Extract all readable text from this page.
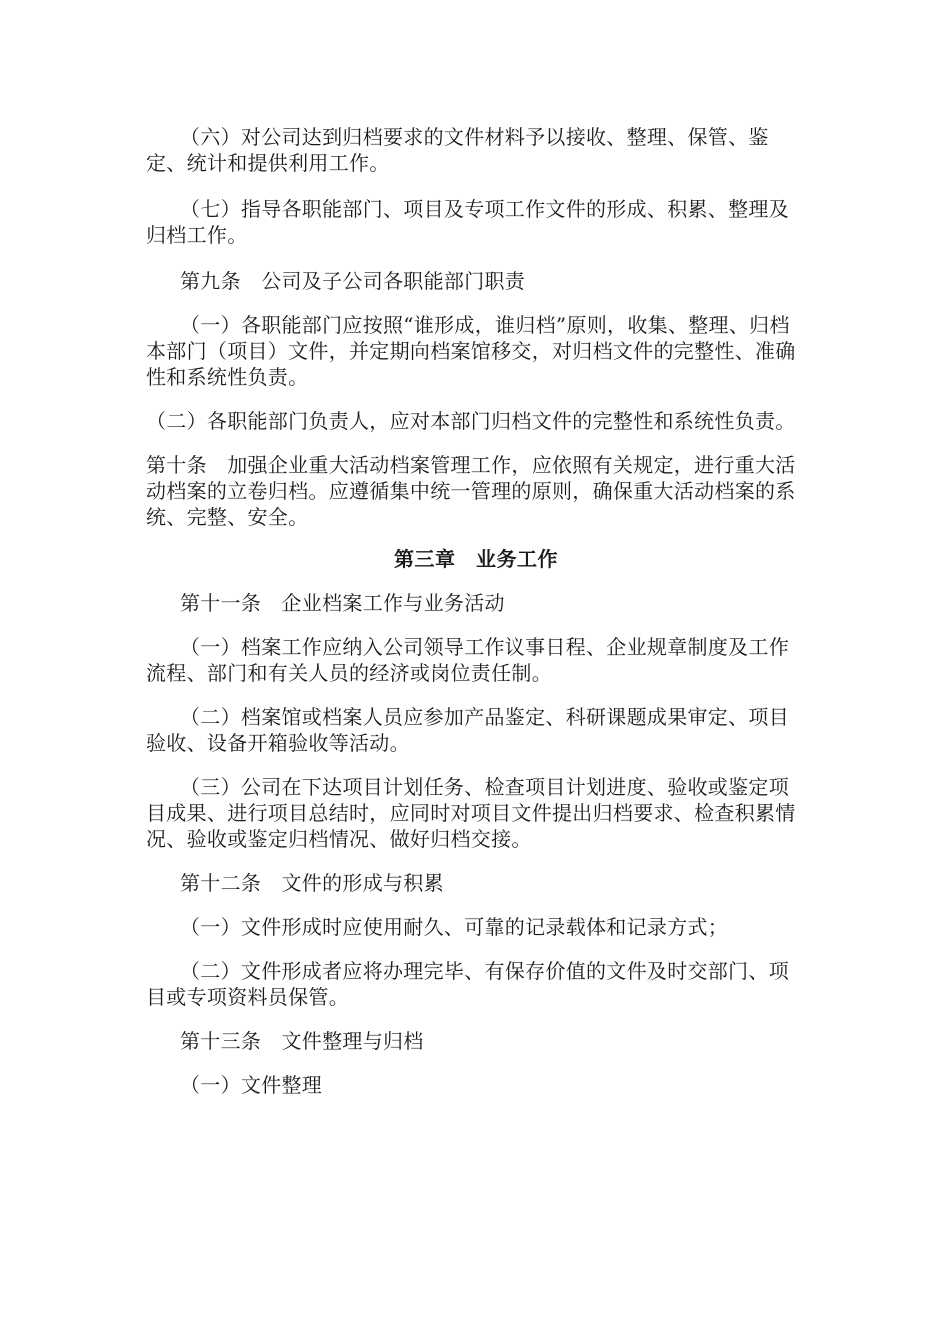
（六）对公司达到归档要求的文件材料予以接收、整理、保管、鉴定、统计和提供利用工作。

（七）指导各职能部门、项目及专项工作文件的形成、积累、整理及归档工作。

第九条　公司及子公司各职能部门职责

（一）各职能部门应按照“谁形成，谁归档”原则，收集、整理、归档本部门（项目）文件，并定期向档案馆移交，对归档文件的完整性、准确性和系统性负责。

（二）各职能部门负责人，应对本部门归档文件的完整性和系统性负责。

第十条　加强企业重大活动档案管理工作，应依照有关规定，进行重大活动档案的立卷归档。应遵循集中统一管理的原则，确保重大活动档案的系统、完整、安全。

第三章　业务工作

第十一条　企业档案工作与业务活动

（一）档案工作应纳入公司领导工作议事日程、企业规章制度及工作流程、部门和有关人员的经济或岗位责任制。

（二）档案馆或档案人员应参加产品鉴定、科研课题成果审定、项目验收、设备开箱验收等活动。

（三）公司在下达项目计划任务、检查项目计划进度、验收或鉴定项目成果、进行项目总结时，应同时对项目文件提出归档要求、检查积累情况、验收或鉴定归档情况、做好归档交接。

第十二条　文件的形成与积累

（一）文件形成时应使用耐久、可靠的记录载体和记录方式；

（二）文件形成者应将办理完毕、有保存价值的文件及时交部门、项目或专项资料员保管。

第十三条　文件整理与归档

（一）文件整理
